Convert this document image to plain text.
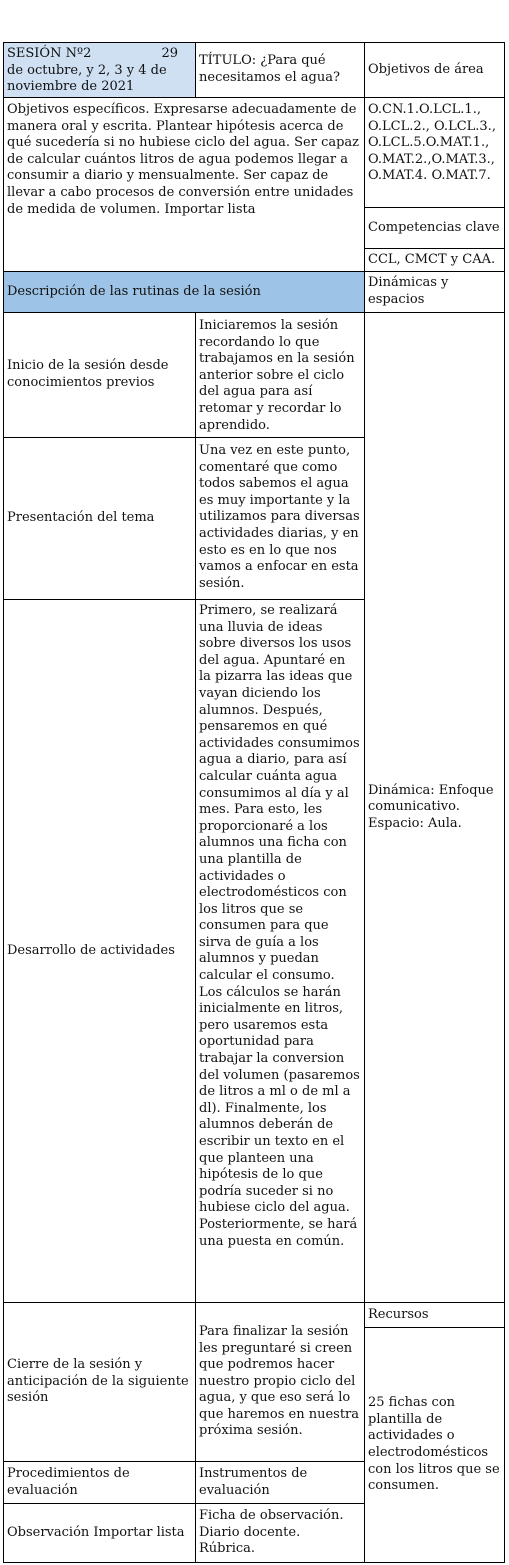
SESIÓN Nº2	29
de octubre, y 2, 3 y 4 de noviembre de 2021
TÍTULO: ¿Para qué necesitamos el agua?
Objetivos de área
Objetivos específicos. Expresarse adecuadamente de manera oral y escrita. Plantear hipótesis acerca de qué sucedería si no hubiese ciclo del agua. Ser capaz de calcular cuántos litros de agua podemos llegar a consumir a diario y mensualmente. Ser capaz de llevar a cabo procesos de conversión entre unidades de medida de volumen. Importar lista
O.CN.1.O.LCL.1., O.LCL.2., O.LCL.3., O.LCL.5.O.MAT.1., O.MAT.2.,O.MAT.3., O.MAT.4. O.MAT.7.
Competencias clave
CCL, CMCT y CAA.
Descripción de las rutinas de la sesión
Dinámicas y espacios
Dinámica: Enfoque comunicativo.
Espacio: Aula.
Inicio de la sesión desde conocimientos previos
Iniciaremos la sesión recordando lo que trabajamos en la sesión anterior sobre el ciclo del agua para así retomar y recordar lo aprendido.
Presentación del tema
Una vez en este punto, comentaré que como todos sabemos el agua es muy importante y la utilizamos para diversas actividades diarias, y en esto es en lo que nos vamos a enfocar en esta sesión.
Desarrollo de actividades
Primero, se realizará una lluvia de ideas sobre diversos los usos del agua. Apuntaré en la pizarra las ideas que vayan diciendo los alumnos. Después, pensaremos en qué actividades consumimos agua a diario, para así calcular cuánta agua consumimos al día y al mes. Para esto, les proporcionaré a los alumnos una ficha con una plantilla de actividades o electrodomésticos con los litros que se consumen para que sirva de guía a los alumnos y puedan calcular el consumo. Los cálculos se harán inicialmente en litros, pero usaremos esta oportunidad para trabajar la conversion del volumen (pasaremos de litros a ml o de ml a dl). Finalmente, los alumnos deberán de escribir un texto en el que planteen una hipótesis de lo que podría suceder si no hubiese ciclo del agua. Posteriormente, se hará una puesta en común.
Cierre de la sesión y anticipación de la siguiente sesión
Para finalizar la sesión les preguntaré si creen que podremos hacer nuestro propio ciclo del agua, y que eso será lo que haremos en nuestra próxima sesión.
Recursos
25 fichas con plantilla de actividades o electrodomésticos con los litros que se consumen.
Procedimientos de evaluación
Instrumentos de evaluación
Observación Importar lista
Ficha de observación.
Diario docente.
Rúbrica.
